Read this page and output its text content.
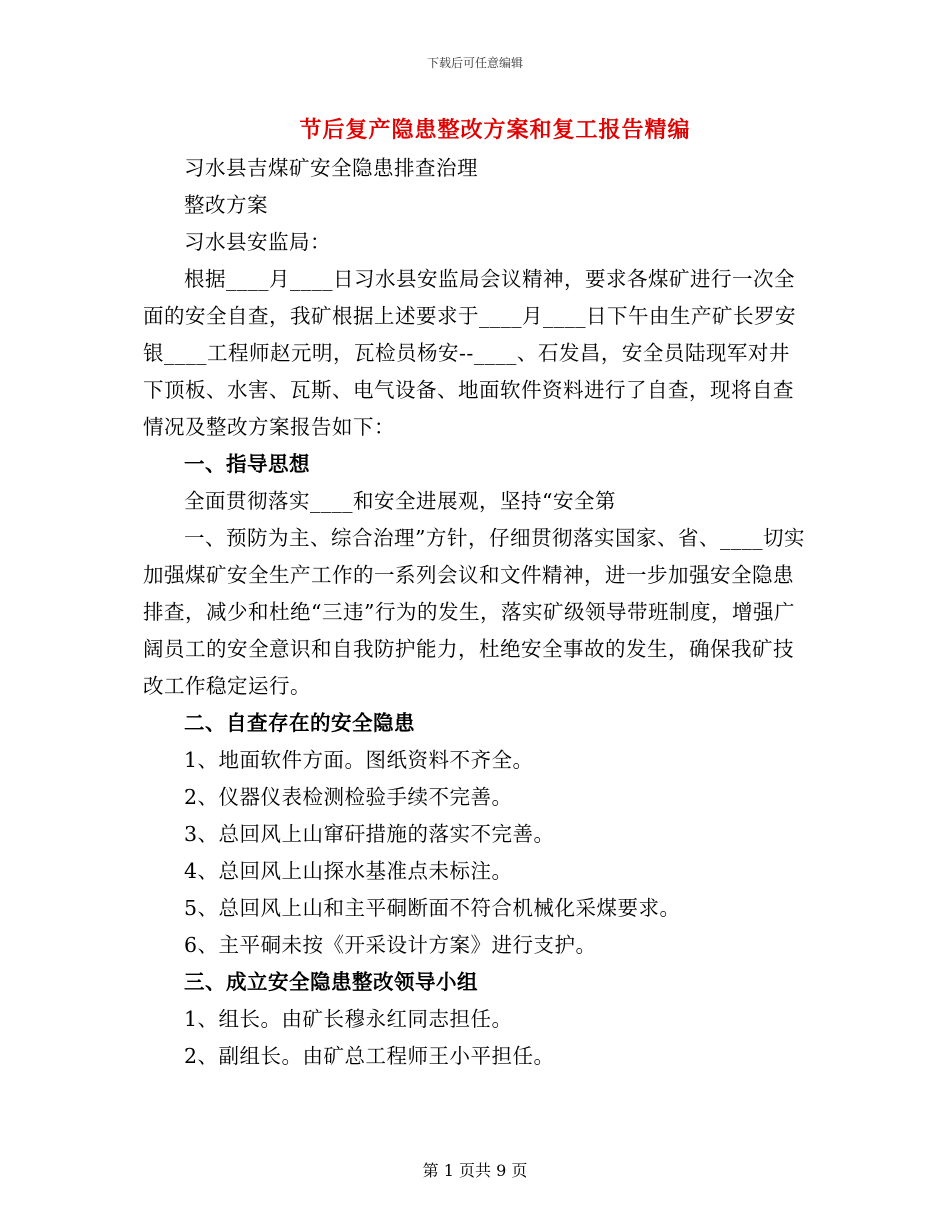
下载后可任意编辑
节后复产隐患整改方案和复工报告精编

习水县吉煤矿安全隐患排查治理

整改方案

习水县安监局：

根据____月____日习水县安监局会议精神，要求各煤矿进行一次全面的安全自查，我矿根据上述要求于____月____日下午由生产矿长罗安银____工程师赵元明，瓦检员杨安--____、石发昌，安全员陆现军对井下顶板、水害、瓦斯、电气设备、地面软件资料进行了自查，现将自查情况及整改方案报告如下：

一、指导思想

全面贯彻落实____和安全进展观，坚持“安全第

一、预防为主、综合治理”方针，仔细贯彻落实国家、省、____切实加强煤矿安全生产工作的一系列会议和文件精神，进一步加强安全隐患排查，减少和杜绝“三违”行为的发生，落实矿级领导带班制度，增强广阔员工的安全意识和自我防护能力，杜绝安全事故的发生，确保我矿技改工作稳定运行。

二、自查存在的安全隐患

1、地面软件方面。图纸资料不齐全。

2、仪器仪表检测检验手续不完善。

3、总回风上山窜矸措施的落实不完善。

4、总回风上山探水基准点未标注。

5、总回风上山和主平硐断面不符合机械化采煤要求。

6、主平硐未按《开采设计方案》进行支护。

三、成立安全隐患整改领导小组

1、组长。由矿长穆永红同志担任。

2、副组长。由矿总工程师王小平担任。

第 1 页共 9 页
